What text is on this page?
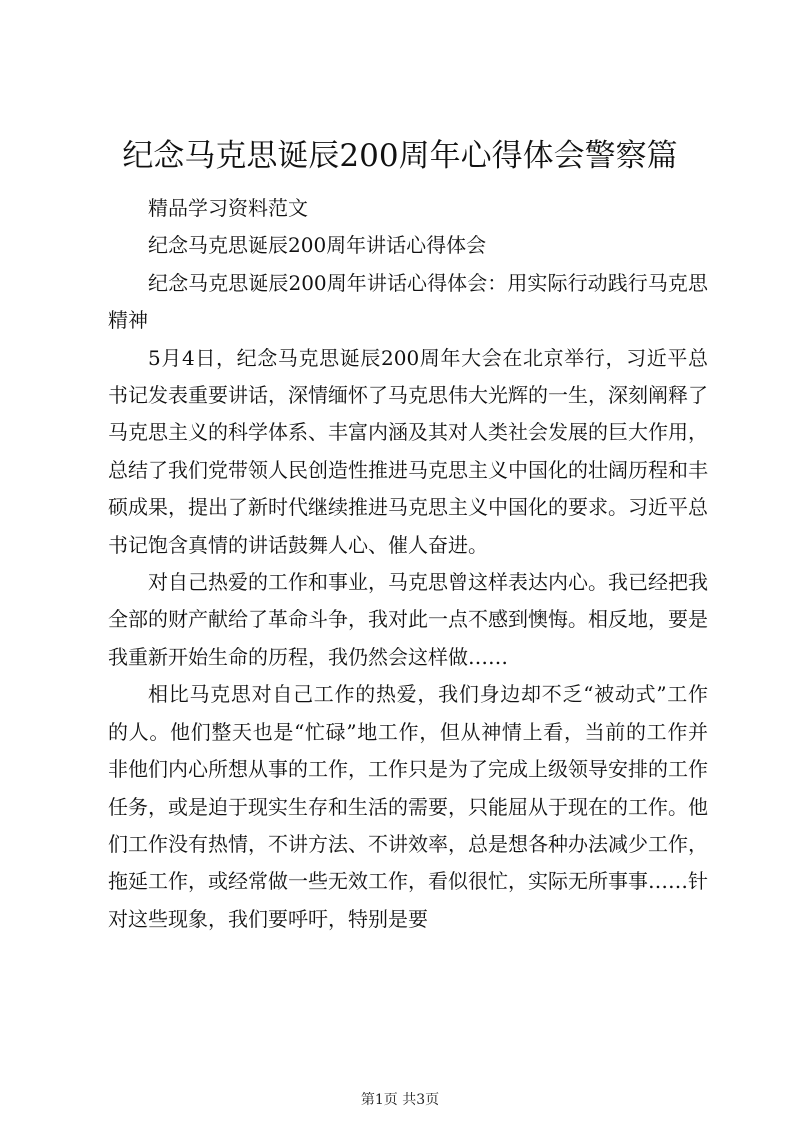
纪念马克思诞辰200周年心得体会警察篇

精品学习资料范文

纪念马克思诞辰200周年讲话心得体会

纪念马克思诞辰200周年讲话心得体会：用实际行动践行马克思精神

5月4日，纪念马克思诞辰200周年大会在北京举行，习近平总书记发表重要讲话，深情缅怀了马克思伟大光辉的一生，深刻阐释了马克思主义的科学体系、丰富内涵及其对人类社会发展的巨大作用，总结了我们党带领人民创造性推进马克思主义中国化的壮阔历程和丰硕成果，提出了新时代继续推进马克思主义中国化的要求。习近平总书记饱含真情的讲话鼓舞人心、催人奋进。

对自己热爱的工作和事业，马克思曾这样表达内心。我已经把我全部的财产献给了革命斗争，我对此一点不感到懊悔。相反地，要是我重新开始生命的历程，我仍然会这样做……

相比马克思对自己工作的热爱，我们身边却不乏“被动式”工作的人。他们整天也是“忙碌”地工作，但从神情上看，当前的工作并非他们内心所想从事的工作，工作只是为了完成上级领导安排的工作任务，或是迫于现实生存和生活的需要，只能屈从于现在的工作。他们工作没有热情，不讲方法、不讲效率，总是想各种办法减少工作，拖延工作，或经常做一些无效工作，看似很忙，实际无所事事……针对这些现象，我们要呼吁，特别是要

第1页 共3页
